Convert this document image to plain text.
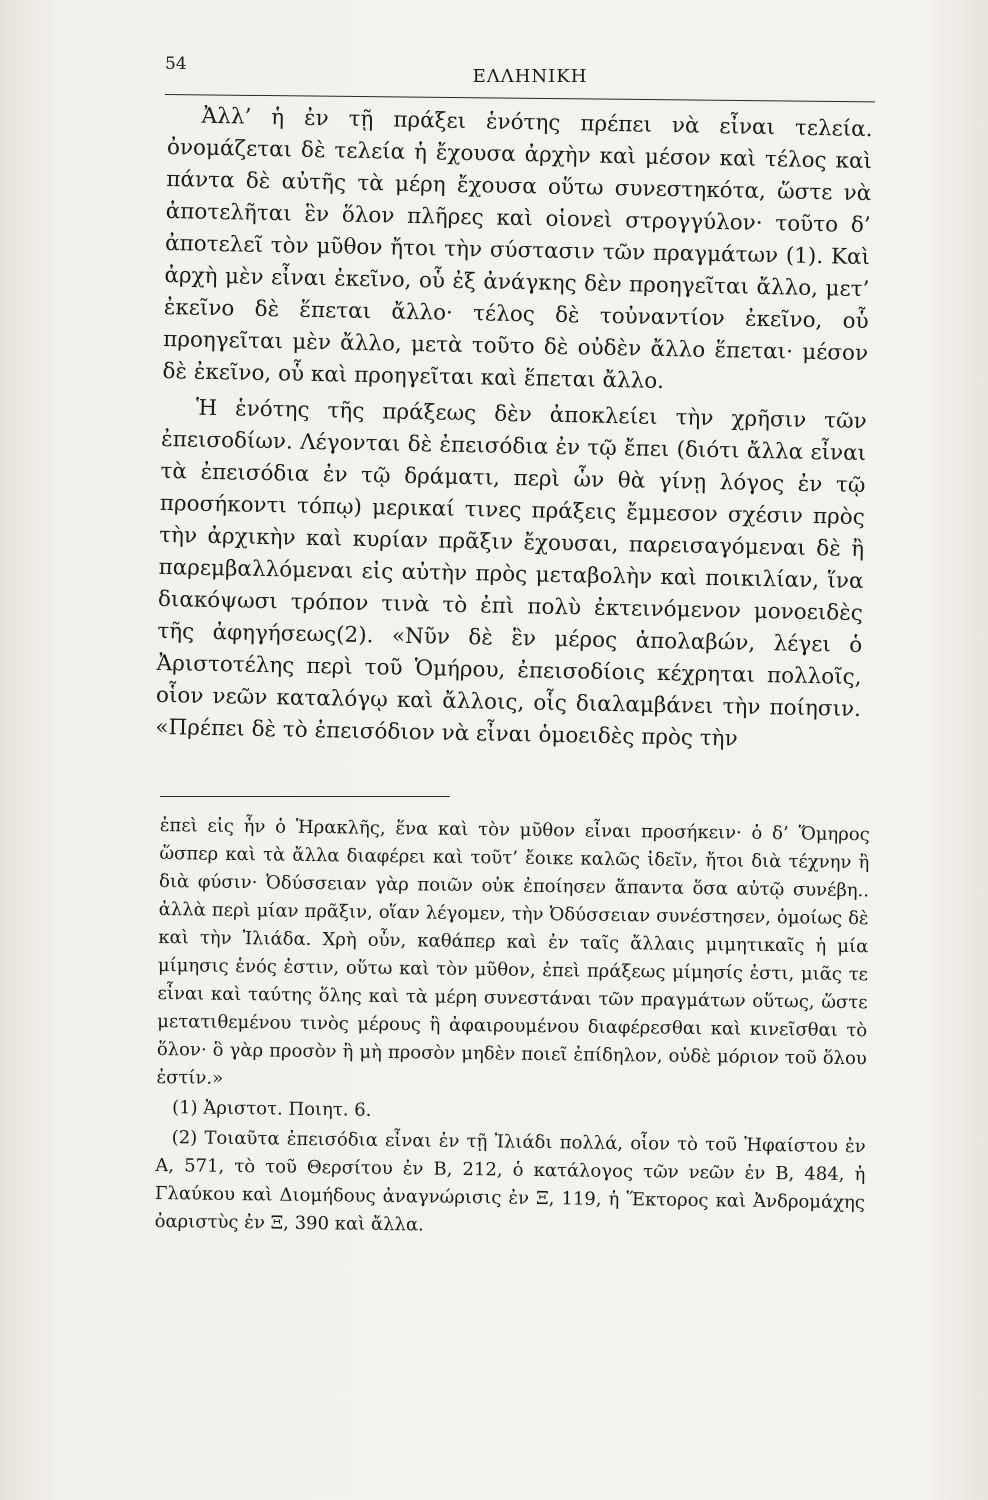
54
ΕΛΛΗΝΙΚΗ

Ἀλλ’ ἡ ἐν τῇ πράξει ἑνότης πρέπει νὰ εἶναι τελεία. ὀνομάζεται δὲ τελεία ἡ ἔχουσα ἀρχὴν καὶ μέσον καὶ τέλος καὶ πάντα δὲ αὐτῆς τὰ μέρη ἔχουσα οὕτω συνεστηκότα, ὥστε νὰ ἀποτελῆται ἓν ὅλον πλῆρες καὶ οἱονεὶ στρογγύλον· τοῦτο δ’ ἀποτελεῖ τὸν μῦθον ἤτοι τὴν σύστασιν τῶν πραγμάτων (1). Καὶ ἀρχὴ μὲν εἶναι ἐκεῖνο, οὗ ἐξ ἀνάγκης δὲν προηγεῖται ἄλλο, μετ’ ἐκεῖνο δὲ ἕπεται ἄλλο· τέλος δὲ τοὐναντίον ἐκεῖνο, οὗ προηγεῖται μὲν ἄλλο, μετὰ τοῦτο δὲ οὐδὲν ἄλλο ἕπεται· μέσον δὲ ἐκεῖνο, οὗ καὶ προηγεῖται καὶ ἕπεται ἄλλο.

Ἡ ἑνότης τῆς πράξεως δὲν ἀποκλείει τὴν χρῆσιν τῶν ἐπεισοδίων. Λέγονται δὲ ἐπεισόδια ἐν τῷ ἔπει (διότι ἄλλα εἶναι τὰ ἐπεισόδια ἐν τῷ δράματι, περὶ ὧν θὰ γίνῃ λόγος ἐν τῷ προσήκοντι τόπῳ) μερικαί τινες πράξεις ἔμμεσον σχέσιν πρὸς τὴν ἀρχικὴν καὶ κυρίαν πρᾶξιν ἔχουσαι, παρεισαγόμεναι δὲ ἢ παρεμβαλλόμεναι εἰς αὐτὴν πρὸς μεταβολὴν καὶ ποικιλίαν, ἵνα διακόψωσι τρόπον τινὰ τὸ ἐπὶ πολὺ ἐκτεινόμενον μονοειδὲς τῆς ἀφηγήσεως(2). «Νῦν δὲ ἓν μέρος ἀπολαβών, λέγει ὁ Ἀριστοτέλης περὶ τοῦ Ὁμήρου, ἐπεισοδίοις κέχρηται πολλοῖς, οἷον νεῶν καταλόγῳ καὶ ἄλλοις, οἷς διαλαμβάνει τὴν ποίησιν. «Πρέπει δὲ τὸ ἐπεισόδιον νὰ εἶναι ὁμοειδὲς πρὸς τὴν

ἐπεὶ εἰς ἦν ὁ Ἡρακλῆς, ἕνα καὶ τὸν μῦθον εἶναι προσήκειν· ὁ δ’ Ὅμηρος ὥσπερ καὶ τὰ ἄλλα διαφέρει καὶ τοῦτ’ ἔοικε καλῶς ἰδεῖν, ἤτοι διὰ τέχνην ἢ διὰ φύσιν· Ὀδύσσειαν γὰρ ποιῶν οὐκ ἐποίησεν ἅπαντα ὅσα αὐτῷ συνέβη.. ἀλλὰ περὶ μίαν πρᾶξιν, οἵαν λέγομεν, τὴν Ὀδύσσειαν συνέστησεν, ὁμοίως δὲ καὶ τὴν Ἰλιάδα. Χρὴ οὖν, καθάπερ καὶ ἐν ταῖς ἄλλαις μιμητικαῖς ἡ μία μίμησις ἑνός ἐστιν, οὕτω καὶ τὸν μῦθον, ἐπεὶ πράξεως μίμησίς ἐστι, μιᾶς τε εἶναι καὶ ταύτης ὅλης καὶ τὰ μέρη συνεστάναι τῶν πραγμάτων οὕτως, ὥστε μετατιθεμένου τινὸς μέρους ἢ ἀφαιρουμένου διαφέρεσθαι καὶ κινεῖσθαι τὸ ὅλον· ὃ γὰρ προσὸν ἢ μὴ προσὸν μηδὲν ποιεῖ ἐπίδηλον, οὐδὲ μόριον τοῦ ὅλου ἐστίν.»

(1) Ἀριστοτ. Ποιητ. 6.

(2) Τοιαῦτα ἐπεισόδια εἶναι ἐν τῇ Ἰλιάδι πολλά, οἷον τὸ τοῦ Ἡφαίστου ἐν Α, 571, τὸ τοῦ Θερσίτου ἐν Β, 212, ὁ κατάλογος τῶν νεῶν ἐν Β, 484, ἡ Γλαύκου καὶ Διομήδους ἀναγνώρισις ἐν Ξ, 119, ἡ Ἕκτορος καὶ Ἀνδρομάχης ὀαριστὺς ἐν Ξ, 390 καὶ ἄλλα.
